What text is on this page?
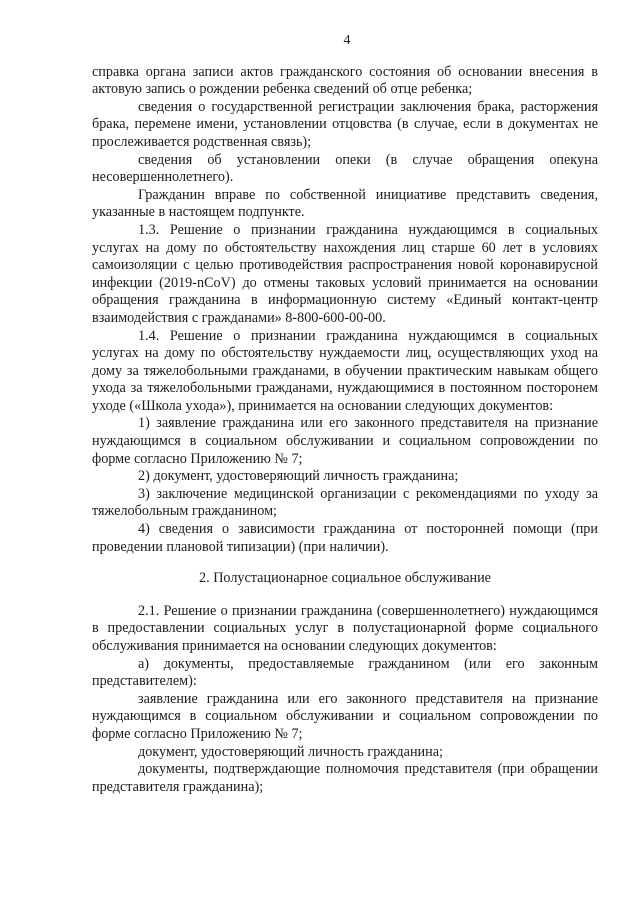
4

справка органа записи актов гражданского состояния об основании внесения в актовую запись о рождении ребенка сведений об отце ребенка;

сведения о государственной регистрации заключения брака, расторжения брака, перемене имени, установлении отцовства (в случае, если в документах не прослеживается родственная связь);

сведения об установлении опеки (в случае обращения опекуна несовершеннолетнего).

Гражданин вправе по собственной инициативе представить сведения, указанные в настоящем подпункте.

1.3. Решение о признании гражданина нуждающимся в социальных услугах на дому по обстоятельству нахождения лиц старше 60 лет в условиях самоизоляции с целью противодействия распространения новой коронавирусной инфекции (2019-nCoV) до отмены таковых условий принимается на основании обращения гражданина в информационную систему «Единый контакт-центр взаимодействия с гражданами» 8-800-600-00-00.

1.4. Решение о признании гражданина нуждающимся в социальных услугах на дому по обстоятельству нуждаемости лиц, осуществляющих уход на дому за тяжелобольными гражданами, в обучении практическим навыкам общего ухода за тяжелобольными гражданами, нуждающимися в постоянном посторонем уходе («Школа ухода»), принимается на основании следующих документов:

1) заявление гражданина или его законного представителя на признание нуждающимся в социальном обслуживании и социальном сопровождении по форме согласно Приложению № 7;

2) документ, удостоверяющий личность гражданина;

3) заключение медицинской организации с рекомендациями по уходу за тяжелобольным гражданином;

4) сведения о зависимости гражданина от посторонней помощи (при проведении плановой типизации) (при наличии).

2. Полустационарное социальное обслуживание

2.1. Решение о признании гражданина (совершеннолетнего) нуждающимся в предоставлении социальных услуг в полустационарной форме социального обслуживания принимается на основании следующих документов:

а) документы, предоставляемые гражданином (или его законным представителем):

заявление гражданина или его законного представителя на признание нуждающимся в социальном обслуживании и социальном сопровождении по форме согласно Приложению № 7;

документ, удостоверяющий личность гражданина;

документы, подтверждающие полномочия представителя (при обращении представителя гражданина);
